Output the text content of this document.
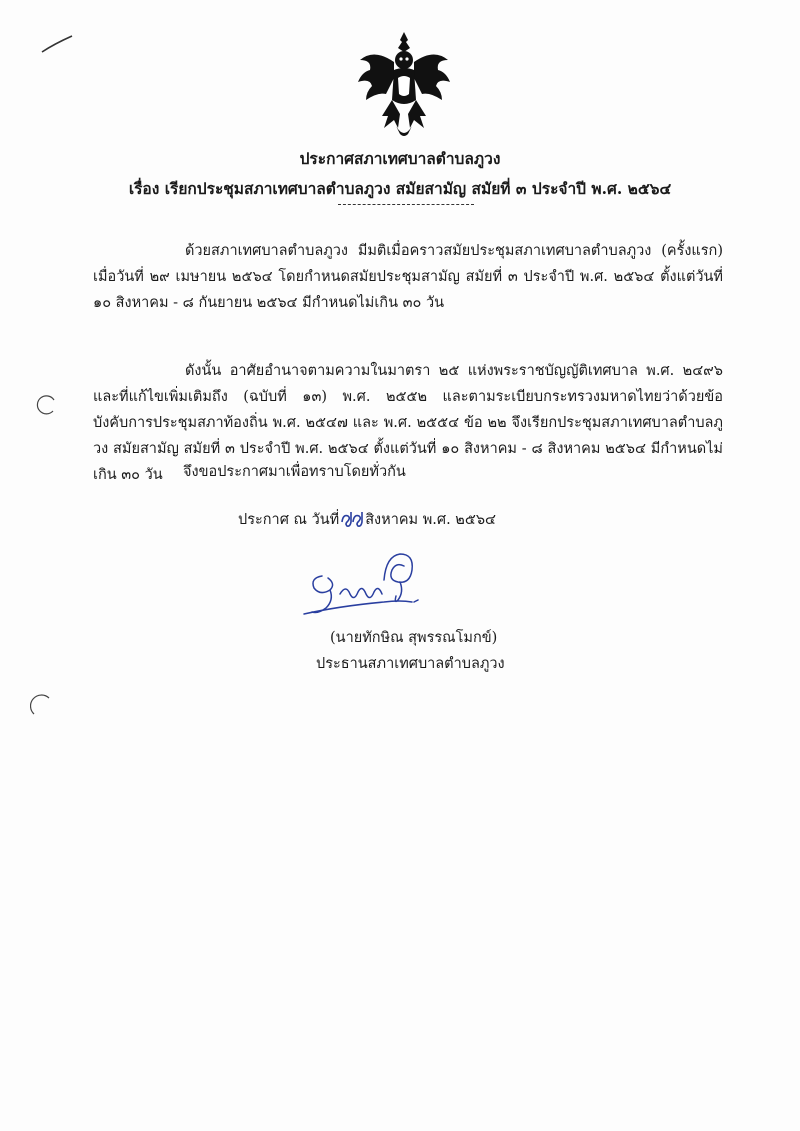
ประกาศสภาเทศบาลตำบลภูวง
เรื่อง เรียกประชุมสภาเทศบาลตำบลภูวง สมัยสามัญ สมัยที่ ๓ ประจำปี พ.ศ. ๒๕๖๔
ด้วยสภาเทศบาลตำบลภูวง มีมติเมื่อคราวสมัยประชุมสภาเทศบาลตำบลภูวง (ครั้งแรก) เมื่อวันที่ ๒๙ เมษายน ๒๕๖๔ โดยกำหนดสมัยประชุมสามัญ สมัยที่ ๓ ประจำปี พ.ศ. ๒๕๖๔ ตั้งแต่วันที่ ๑๐ สิงหาคม - ๘ กันยายน ๒๕๖๔ มีกำหนดไม่เกิน ๓๐ วัน
ดังนั้น อาศัยอำนาจตามความในมาตรา ๒๕ แห่งพระราชบัญญัติเทศบาล พ.ศ. ๒๔๙๖ และที่แก้ไขเพิ่มเติมถึง (ฉบับที่ ๑๓) พ.ศ. ๒๕๕๒ และตามระเบียบกระทรวงมหาดไทยว่าด้วยข้อบังคับการประชุมสภาท้องถิ่น พ.ศ. ๒๕๔๗ และ พ.ศ. ๒๕๕๔ ข้อ ๒๒ จึงเรียกประชุมสภาเทศบาลตำบลภูวง สมัยสามัญ สมัยที่ ๓ ประจำปี พ.ศ. ๒๕๖๔ ตั้งแต่วันที่ ๑๐ สิงหาคม - ๘ สิงหาคม ๒๕๖๔ มีกำหนดไม่เกิน ๓๐ วัน	จึงขอประกาศมาเพื่อทราบโดยทั่วกัน
ประกาศ ณ วันที่ สิงหาคม พ.ศ. ๒๕๖๔
(นายทักษิณ สุพรรณโมกข์)
ประธานสภาเทศบาลตำบลภูวง
